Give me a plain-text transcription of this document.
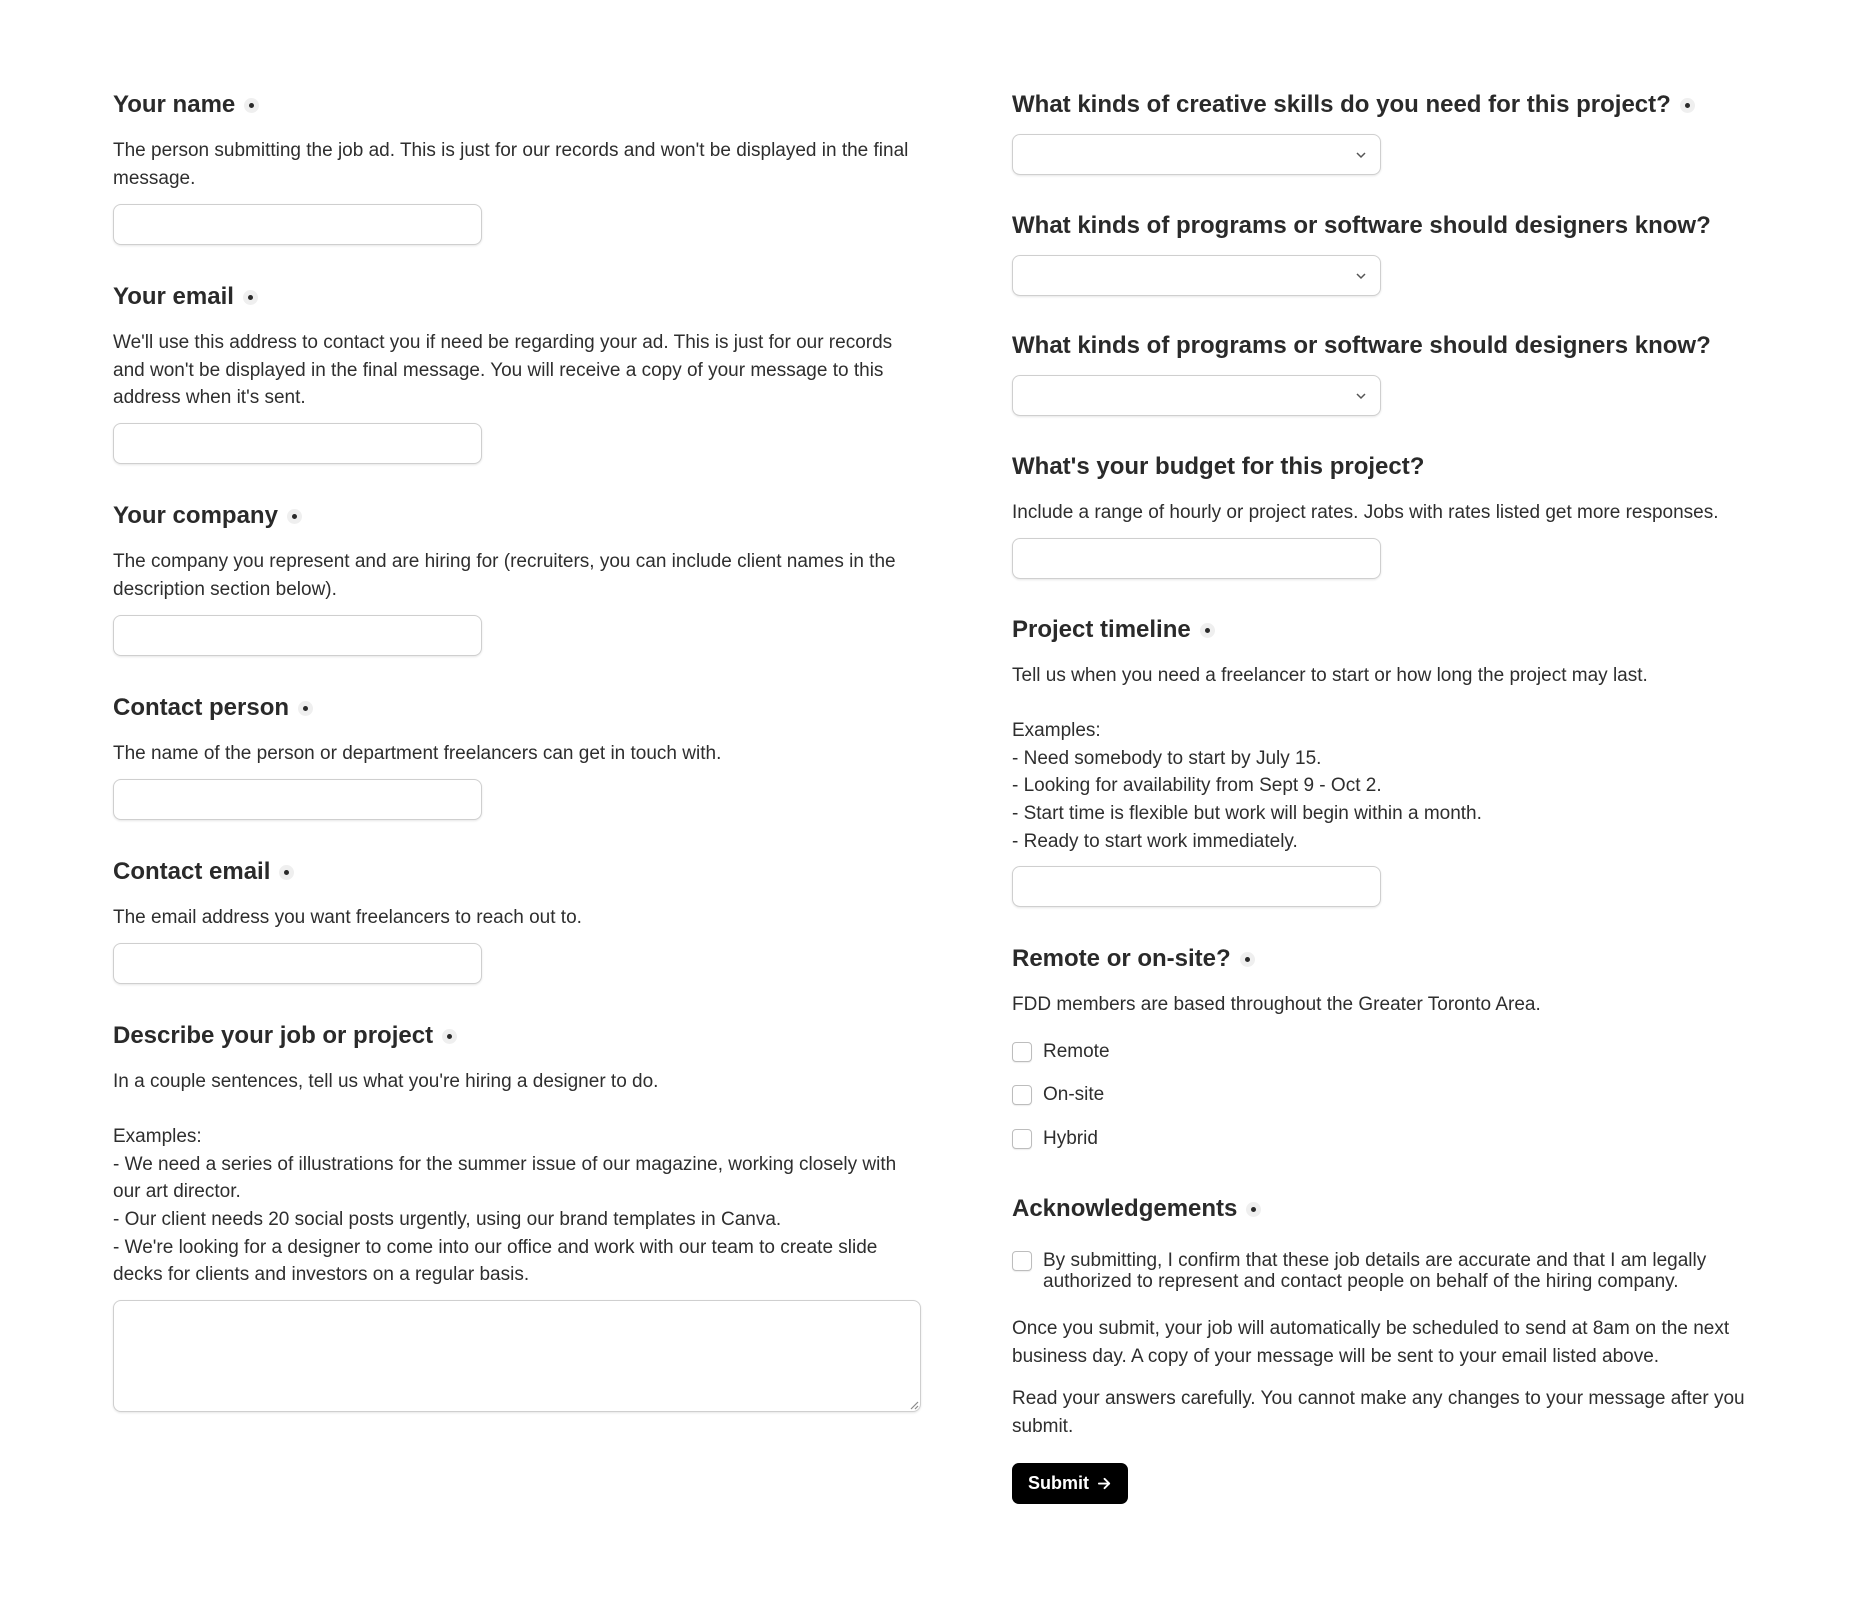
Your name

The person submitting the job ad. This is just for our records and won't be displayed in the final message.

Your email

We'll use this address to contact you if need be regarding your ad. This is just for our records and won't be displayed in the final message. You will receive a copy of your message to this address when it's sent.

Your company

The company you represent and are hiring for (recruiters, you can include client names in the description section below).

Contact person

The name of the person or department freelancers can get in touch with.

Contact email

The email address you want freelancers to reach out to.

Describe your job or project

In a couple sentences, tell us what you're hiring a designer to do.

Examples:
- We need a series of illustrations for the summer issue of our magazine, working closely with our art director.
- Our client needs 20 social posts urgently, using our brand templates in Canva.
- We're looking for a designer to come into our office and work with our team to create slide decks for clients and investors on a regular basis.

What kinds of creative skills do you need for this project?
What kinds of programs or software should designers know?
What kinds of programs or software should designers know?
What's your budget for this project?

Include a range of hourly or project rates. Jobs with rates listed get more responses.

Project timeline

Tell us when you need a freelancer to start or how long the project may last.

Examples:
- Need somebody to start by July 15.
- Looking for availability from Sept 9 - Oct 2.
- Start time is flexible but work will begin within a month.
- Ready to start work immediately.

Remote or on-site?

FDD members are based throughout the Greater Toronto Area.

Remote
On-site
Hybrid
Acknowledgements
By submitting, I confirm that these job details are accurate and that I am legally authorized to represent and contact people on behalf of the hiring company.

Once you submit, your job will automatically be scheduled to send at 8am on the next business day. A copy of your message will be sent to your email listed above.

Read your answers carefully. You cannot make any changes to your message after you submit.

Submit
